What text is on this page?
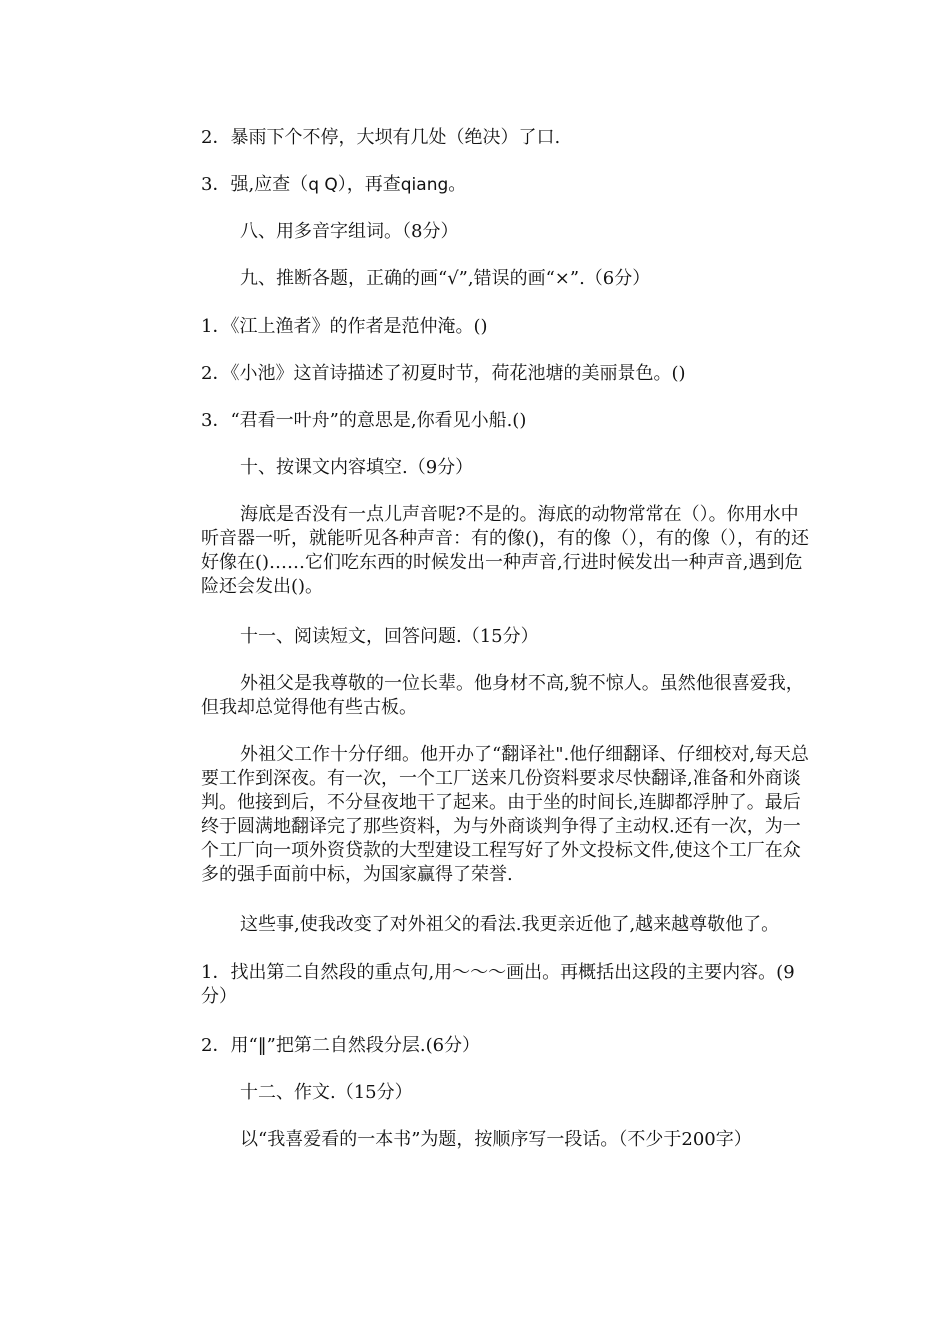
2．暴雨下个不停，大坝有几处（绝决）了口.
3．强,应查（q Q），再查qiang。
八、用多音字组词。（8分）
九、推断各题，正确的画“√”,错误的画“×”.（6分）
1．《江上渔者》的作者是范仲淹。()
2．《小池》这首诗描述了初夏时节，荷花池塘的美丽景色。()
3．“君看一叶舟”的意思是,你看见小船.()
十、按课文内容填空.（9分）
海底是否没有一点儿声音呢?不是的。海底的动物常常在（）。你用水中听音器一听，就能听见各种声音：有的像()，有的像（），有的像（），有的还好像在()……它们吃东西的时候发出一种声音,行进时候发出一种声音,遇到危险还会发出()。
十一、阅读短文，回答问题.（15分）
外祖父是我尊敬的一位长辈。他身材不高,貌不惊人。虽然他很喜爱我，但我却总觉得他有些古板。
外祖父工作十分仔细。他开办了“翻译社".他仔细翻译、仔细校对,每天总要工作到深夜。有一次，一个工厂送来几份资料要求尽快翻译,准备和外商谈判。他接到后，不分昼夜地干了起来。由于坐的时间长,连脚都浮肿了。最后终于圆满地翻译完了那些资料，为与外商谈判争得了主动权.还有一次，为一个工厂向一项外资贷款的大型建设工程写好了外文投标文件,使这个工厂在众多的强手面前中标，为国家赢得了荣誉.
这些事,使我改变了对外祖父的看法.我更亲近他了,越来越尊敬他了。
1．找出第二自然段的重点句,用～～～画出。再概括出这段的主要内容。(9分）
2．用“‖”把第二自然段分层.(6分）
十二、作文.（15分）
以“我喜爱看的一本书”为题，按顺序写一段话。（不少于200字）
